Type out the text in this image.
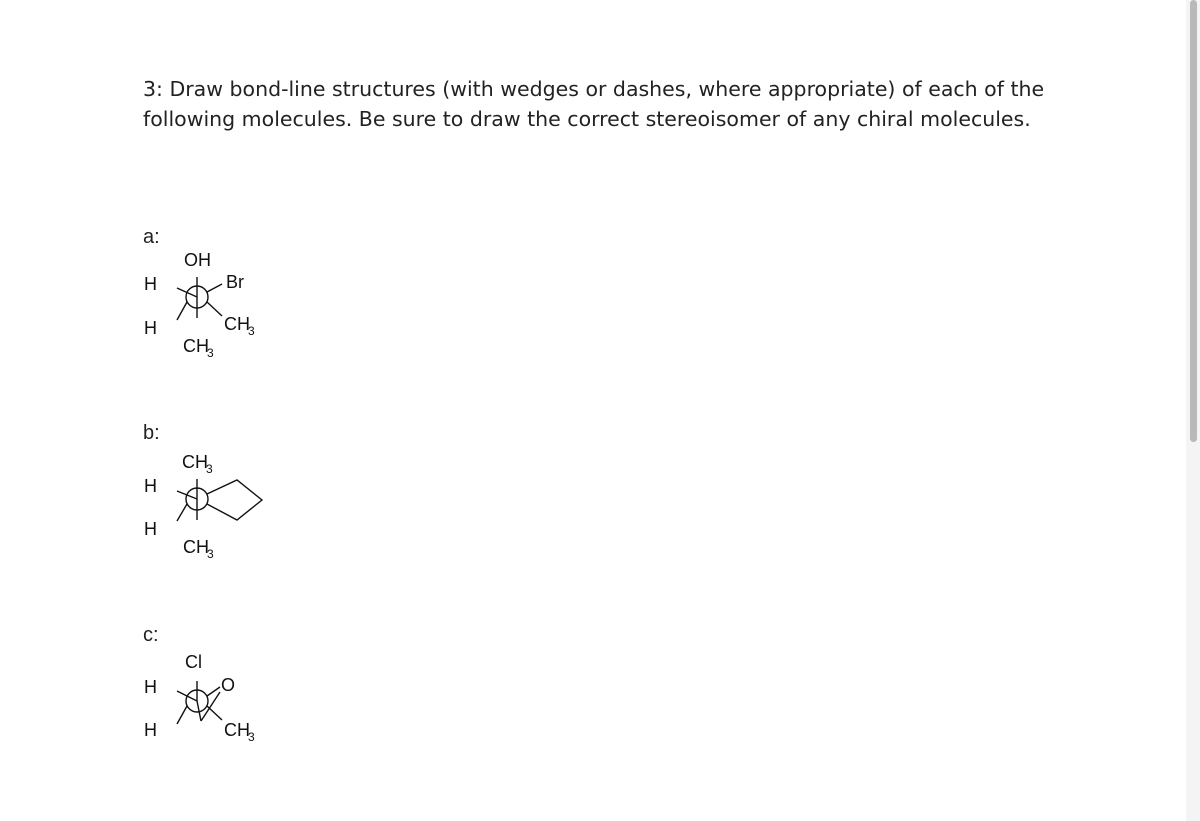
3: Draw bond-line structures (with wedges or dashes, where appropriate) of each of the
following molecules. Be sure to draw the correct stereoisomer of any chiral molecules.
a:
OH
H
H
Br
CH
3
CH
3
b:
CH
3
H
H
CH
3
c:
Cl
H
H
O
CH
3
